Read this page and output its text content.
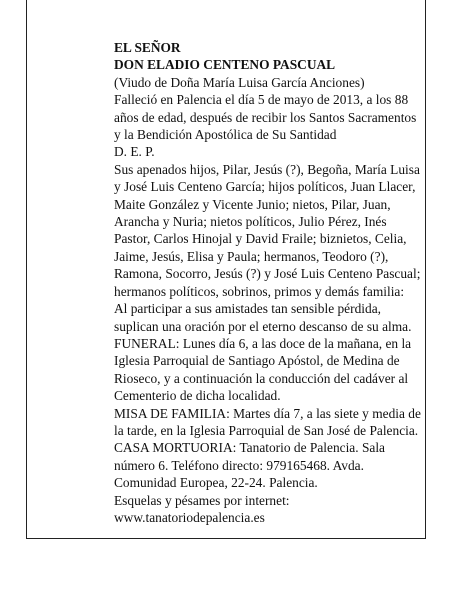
EL SEÑOR

DON ELADIO CENTENO PASCUAL

(Viudo de Doña María Luisa García Anciones)

Falleció en Palencia el día 5 de mayo de 2013, a los 88 años de edad, después de recibir los Santos Sacramentos y la Bendición Apostólica de Su Santidad

D. E. P.

Sus apenados hijos, Pilar, Jesús (?), Begoña, María Luisa y José Luis Centeno García; hijos políticos, Juan Llacer, Maite González y Vicente Junio; nietos, Pilar, Juan, Arancha y Nuria; nietos políticos, Julio Pérez, Inés Pastor, Carlos Hinojal y David Fraile; biznietos, Celia, Jaime, Jesús, Elisa y Paula; hermanos, Teodoro (?), Ramona, Socorro, Jesús (?) y José Luis Centeno Pascual; hermanos políticos, sobrinos, primos y demás familia:

Al participar a sus amistades tan sensible pérdida, suplican una oración por el eterno descanso de su alma.

FUNERAL: Lunes día 6, a las doce de la mañana, en la Iglesia Parroquial de Santiago Apóstol, de Medina de Rioseco, y a continuación la conducción del cadáver al Cementerio de dicha localidad.

MISA DE FAMILIA: Martes día 7, a las siete y media de la tarde, en la Iglesia Parroquial de San José de Palencia.

CASA MORTUORIA: Tanatorio de Palencia. Sala número 6. Teléfono directo: 979165468. Avda. Comunidad Europea, 22-24. Palencia.

Esquelas y pésames por internet:

www.tanatoriodepalencia.es
